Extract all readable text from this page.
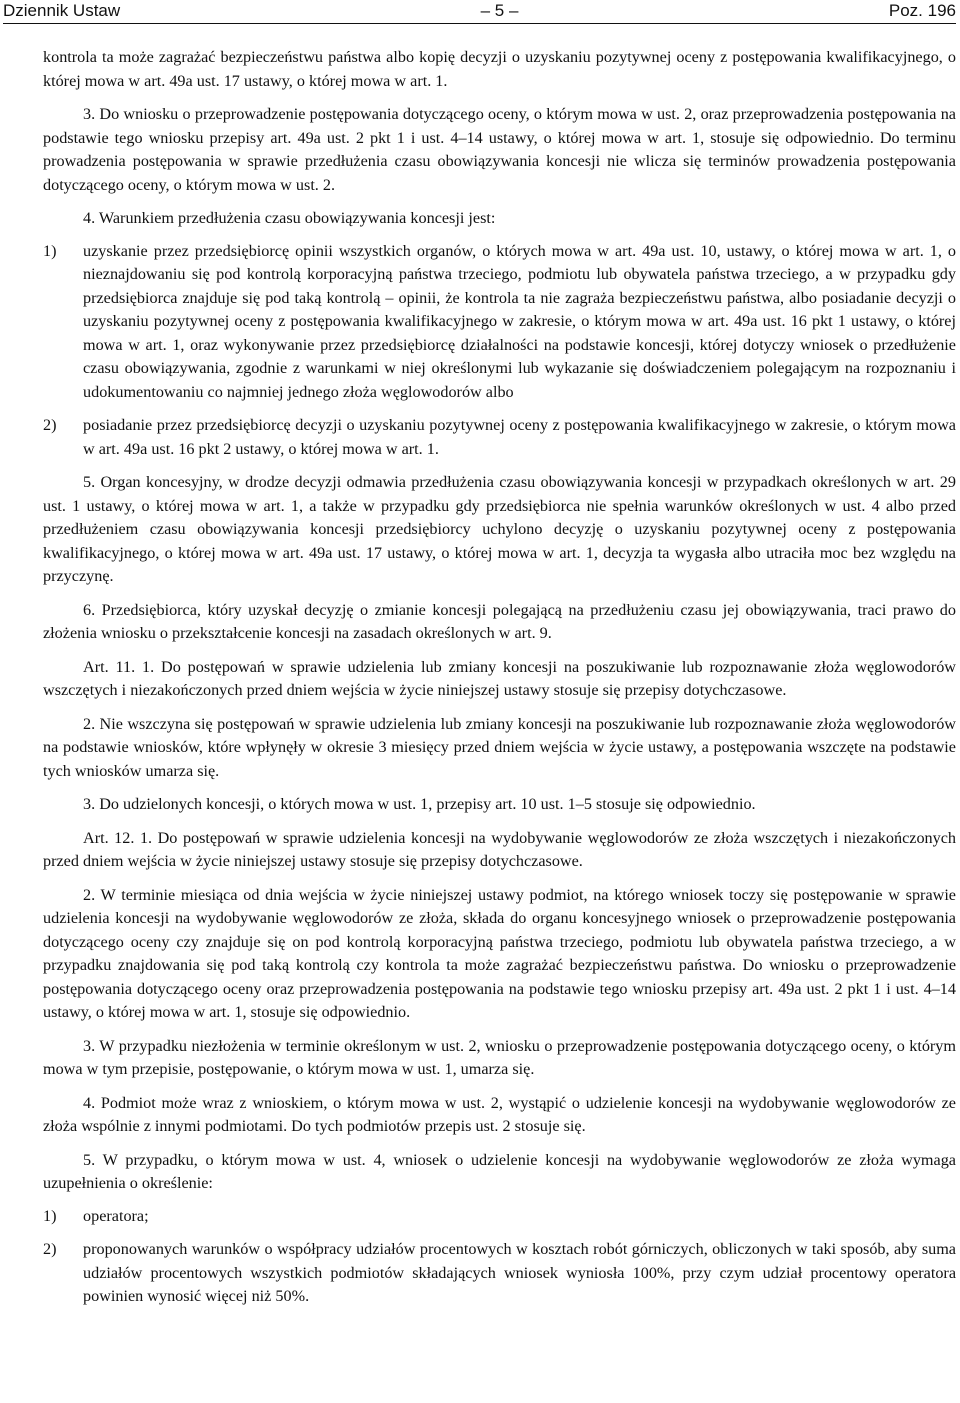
Dziennik Ustaw	– 5 –	Poz. 196

kontrola ta może zagrażać bezpieczeństwu państwa albo kopię decyzji o uzyskaniu pozytywnej oceny z postępowania kwalifikacyjnego, o której mowa w art. 49a ust. 17 ustawy, o której mowa w art. 1.

3. Do wniosku o przeprowadzenie postępowania dotyczącego oceny, o którym mowa w ust. 2, oraz przeprowadzenia postępowania na podstawie tego wniosku przepisy art. 49a ust. 2 pkt 1 i ust. 4–14 ustawy, o której mowa w art. 1, stosuje się odpowiednio. Do terminu prowadzenia postępowania w sprawie przedłużenia czasu obowiązywania koncesji nie wlicza się terminów prowadzenia postępowania dotyczącego oceny, o którym mowa w ust. 2.

4. Warunkiem przedłużenia czasu obowiązywania koncesji jest:

1) uzyskanie przez przedsiębiorcę opinii wszystkich organów, o których mowa w art. 49a ust. 10, ustawy, o której mowa w art. 1, o nieznajdowaniu się pod kontrolą korporacyjną państwa trzeciego, podmiotu lub obywatela państwa trzeciego, a w przypadku gdy przedsiębiorca znajduje się pod taką kontrolą – opinii, że kontrola ta nie zagraża bezpieczeństwu państwa, albo posiadanie decyzji o uzyskaniu pozytywnej oceny z postępowania kwalifikacyjnego w zakresie, o którym mowa w art. 49a ust. 16 pkt 1 ustawy, o której mowa w art. 1, oraz wykonywanie przez przedsiębiorcę działalności na podstawie koncesji, której dotyczy wniosek o przedłużenie czasu obowiązywania, zgodnie z warunkami w niej określonymi lub wykazanie się doświadczeniem polegającym na rozpoznaniu i udokumentowaniu co najmniej jednego złoża węglowodorów albo
2) posiadanie przez przedsiębiorcę decyzji o uzyskaniu pozytywnej oceny z postępowania kwalifikacyjnego w zakresie, o którym mowa w art. 49a ust. 16 pkt 2 ustawy, o której mowa w art. 1.

5. Organ koncesyjny, w drodze decyzji odmawia przedłużenia czasu obowiązywania koncesji w przypadkach określonych w art. 29 ust. 1 ustawy, o której mowa w art. 1, a także w przypadku gdy przedsiębiorca nie spełnia warunków określonych w ust. 4 albo przed przedłużeniem czasu obowiązywania koncesji przedsiębiorcy uchylono decyzję o uzyskaniu pozytywnej oceny z postępowania kwalifikacyjnego, o której mowa w art. 49a ust. 17 ustawy, o której mowa w art. 1, decyzja ta wygasła albo utraciła moc bez względu na przyczynę.

6. Przedsiębiorca, który uzyskał decyzję o zmianie koncesji polegającą na przedłużeniu czasu jej obowiązywania, traci prawo do złożenia wniosku o przekształcenie koncesji na zasadach określonych w art. 9.

Art. 11. 1. Do postępowań w sprawie udzielenia lub zmiany koncesji na poszukiwanie lub rozpoznawanie złoża węglowodorów wszczętych i niezakończonych przed dniem wejścia w życie niniejszej ustawy stosuje się przepisy dotychczasowe.

2. Nie wszczyna się postępowań w sprawie udzielenia lub zmiany koncesji na poszukiwanie lub rozpoznawanie złoża węglowodorów na podstawie wniosków, które wpłynęły w okresie 3 miesięcy przed dniem wejścia w życie ustawy, a postępowania wszczęte na podstawie tych wniosków umarza się.

3. Do udzielonych koncesji, o których mowa w ust. 1, przepisy art. 10 ust. 1–5 stosuje się odpowiednio.

Art. 12. 1. Do postępowań w sprawie udzielenia koncesji na wydobywanie węglowodorów ze złoża wszczętych i niezakończonych przed dniem wejścia w życie niniejszej ustawy stosuje się przepisy dotychczasowe.

2. W terminie miesiąca od dnia wejścia w życie niniejszej ustawy podmiot, na którego wniosek toczy się postępowanie w sprawie udzielenia koncesji na wydobywanie węglowodorów ze złoża, składa do organu koncesyjnego wniosek o przeprowadzenie postępowania dotyczącego oceny czy znajduje się on pod kontrolą korporacyjną państwa trzeciego, podmiotu lub obywatela państwa trzeciego, a w przypadku znajdowania się pod taką kontrolą czy kontrola ta może zagrażać bezpieczeństwu państwa. Do wniosku o przeprowadzenie postępowania dotyczącego oceny oraz przeprowadzenia postępowania na podstawie tego wniosku przepisy art. 49a ust. 2 pkt 1 i ust. 4–14 ustawy, o której mowa w art. 1, stosuje się odpowiednio.

3. W przypadku niezłożenia w terminie określonym w ust. 2, wniosku o przeprowadzenie postępowania dotyczącego oceny, o którym mowa w tym przepisie, postępowanie, o którym mowa w ust. 1, umarza się.

4. Podmiot może wraz z wnioskiem, o którym mowa w ust. 2, wystąpić o udzielenie koncesji na wydobywanie węglowodorów ze złoża wspólnie z innymi podmiotami. Do tych podmiotów przepis ust. 2 stosuje się.

5. W przypadku, o którym mowa w ust. 4, wniosek o udzielenie koncesji na wydobywanie węglowodorów ze złoża wymaga uzupełnienia o określenie:

1) operatora;
2) proponowanych warunków o współpracy udziałów procentowych w kosztach robót górniczych, obliczonych w taki sposób, aby suma udziałów procentowych wszystkich podmiotów składających wniosek wyniosła 100%, przy czym udział procentowy operatora powinien wynosić więcej niż 50%.
